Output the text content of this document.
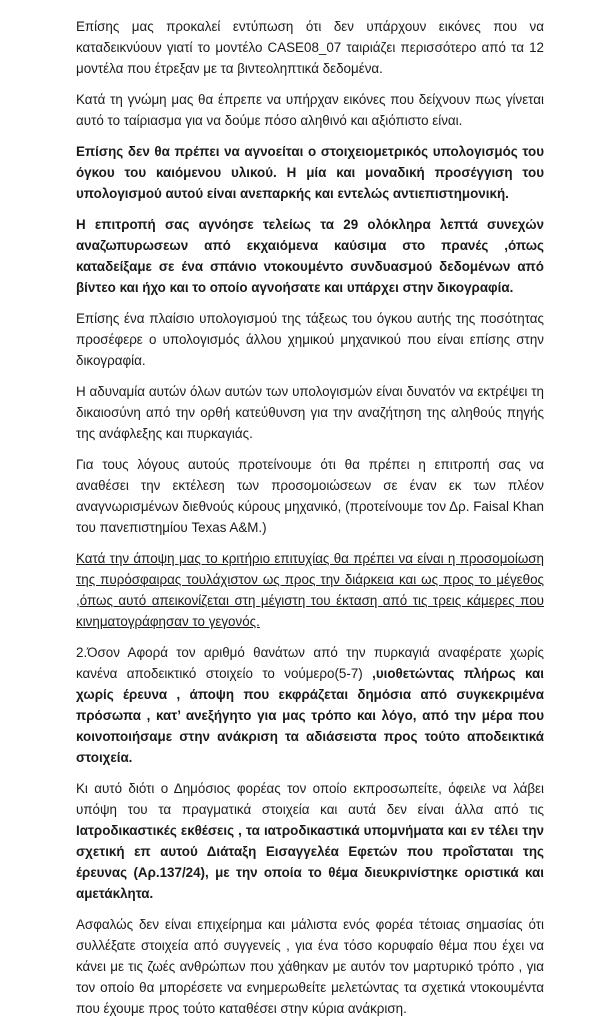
Επίσης μας προκαλεί εντύπωση ότι δεν υπάρχουν εικόνες που να καταδεικνύουν γιατί το μοντέλο CASE08_07 ταιριάζει περισσότερο από τα 12 μοντέλα που έτρεξαν με τα βιντεοληπτικά δεδομένα.

Κατά τη γνώμη μας θα έπρεπε να υπήρχαν εικόνες που δείχνουν πως γίνεται αυτό το ταίριασμα για να δούμε πόσο αληθινό και αξιόπιστο είναι.

Επίσης δεν θα πρέπει να αγνοείται ο στοιχειομετρικός υπολογισμός του όγκου του καιόμενου υλικού. Η μία και μοναδική προσέγγιση του υπολογισμού αυτού είναι ανεπαρκής και εντελώς αντιεπιστημονική.

Η επιτροπή σας αγνόησε τελείως τα 29 ολόκληρα λεπτά συνεχών αναζωπυρωσεων από εκχαιόμενα καύσιμα στο πρανές ,όπως καταδείξαμε σε ένα σπάνιο ντοκουμέντο συνδυασμού δεδομένων από βίντεο και ήχο και το οποίο αγνοήσατε και υπάρχει στην δικογραφία.

Επίσης ένα πλαίσιο υπολογισμού της τάξεως του όγκου αυτής της ποσότητας προσέφερε ο υπολογισμός άλλου χημικού μηχανικού που είναι επίσης στην δικογραφία.

Η αδυναμία αυτών όλων αυτών των υπολογισμών είναι δυνατόν να εκτρέψει τη δικαιοσύνη από την ορθή κατεύθυνση για την αναζήτηση της αληθούς πηγής της ανάφλεξης και πυρκαγιάς.

Για τους λόγους αυτούς προτείνουμε ότι θα πρέπει η επιτροπή σας να αναθέσει την εκτέλεση των προσομοιώσεων σε έναν εκ των πλέον αναγνωρισμένων διεθνούς κύρους μηχανικό, (προτείνουμε τον Δρ. Faisal Khan του πανεπιστημίου Texas A&M.)

Κατά την άποψη μας το κριτήριο επιτυχίας θα πρέπει να είναι η προσομοίωση της πυρόσφαιρας τουλάχιστον ως προς την διάρκεια και ως προς το μέγεθος ,όπως αυτό απεικονίζεται στη μέγιστη του έκταση από τις τρεις κάμερες που κινηματογράφησαν το γεγονός.

2.Όσον Αφορά τον αριθμό θανάτων από την πυρκαγιά αναφέρατε χωρίς κανένα αποδεικτικό στοιχείο το νούμερο(5-7) ,υιοθετώντας πλήρως και χωρίς έρευνα , άποψη που εκφράζεται δημόσια από συγκεκριμένα πρόσωπα , κατ’ ανεξήγητο για μας τρόπο και λόγο, από την μέρα που κοινοποιήσαμε στην ανάκριση τα αδιάσειστα προς τούτο αποδεικτικά στοιχεία.

Κι αυτό διότι ο Δημόσιος φορέας τον οποίο εκπροσωπείτε, όφειλε να λάβει υπόψη του τα πραγματικά στοιχεία και αυτά δεν είναι άλλα από τις Ιατροδικαστικές εκθέσεις , τα ιατροδικαστικά υπομνήματα και εν τέλει την σχετική επ αυτού Διάταξη Εισαγγελέα Εφετών που προΐσταται της έρευνας (Αρ.137/24), με την οποία το θέμα διευκρινίστηκε οριστικά και αμετάκλητα.

Ασφαλώς δεν είναι επιχείρημα και μάλιστα ενός φορέα τέτοιας σημασίας ότι συλλέξατε στοιχεία από συγγενείς , για ένα τόσο κορυφαίο θέμα που έχει να κάνει με τις ζωές ανθρώπων που χάθηκαν με αυτόν τον μαρτυρικό τρόπο , για τον οποίο θα μπορέσετε να ενημερωθείτε μελετώντας τα σχετικά ντοκουμέντα που έχουμε προς τούτο καταθέσει στην κύρια ανάκριση.
